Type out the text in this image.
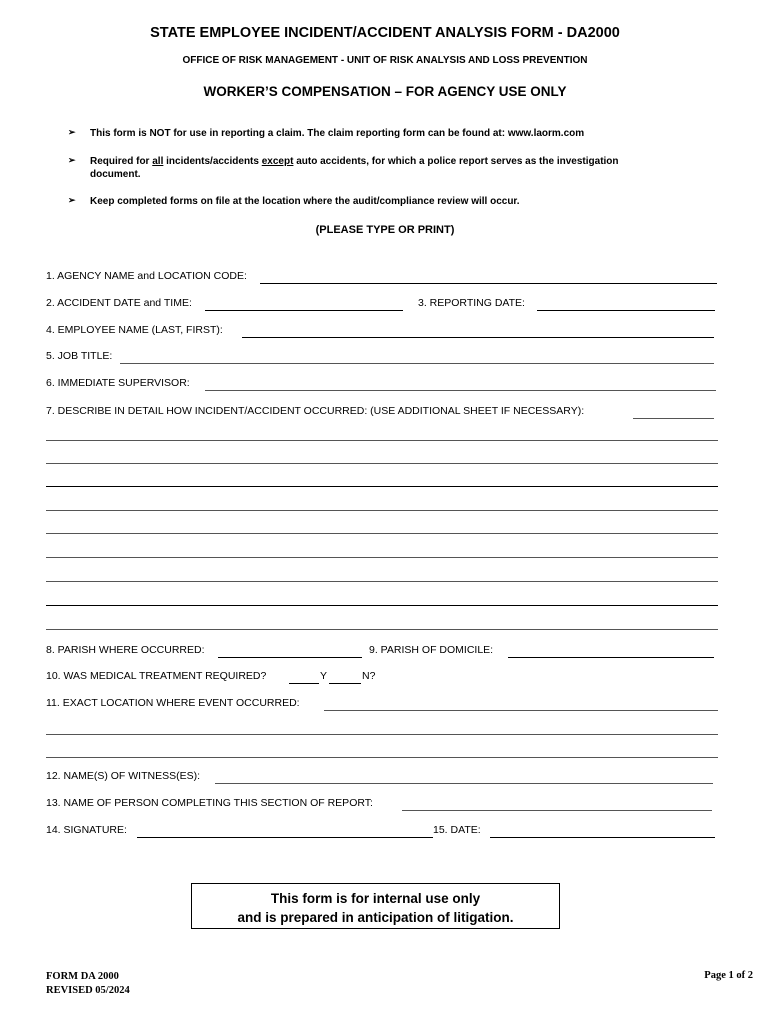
STATE EMPLOYEE INCIDENT/ACCIDENT ANALYSIS FORM - DA2000
OFFICE OF RISK MANAGEMENT - UNIT OF RISK ANALYSIS AND LOSS PREVENTION
WORKER’S COMPENSATION – FOR AGENCY USE ONLY
➢ This form is NOT for use in reporting a claim. The claim reporting form can be found at: www.laorm.com
➢ Required for all incidents/accidents except auto accidents, for which a police report serves as the investigation
document.
➢ Keep completed forms on file at the location where the audit/compliance review will occur.
(PLEASE TYPE OR PRINT)
1. AGENCY NAME and LOCATION CODE:
2. ACCIDENT DATE and TIME:	3. REPORTING DATE:
4. EMPLOYEE NAME (LAST, FIRST):
5. JOB TITLE:
6. IMMEDIATE SUPERVISOR:
7. DESCRIBE IN DETAIL HOW INCIDENT/ACCIDENT OCCURRED: (USE ADDITIONAL SHEET IF NECESSARY):
8. PARISH WHERE OCCURRED:	9. PARISH OF DOMICILE:
10. WAS MEDICAL TREATMENT REQUIRED?	Y	N?
11. EXACT LOCATION WHERE EVENT OCCURRED:
12. NAME(S) OF WITNESS(ES):
13. NAME OF PERSON COMPLETING THIS SECTION OF REPORT:
14. SIGNATURE:	15. DATE:
This form is for internal use only
and is prepared in anticipation of litigation.
FORM DA 2000
REVISED 05/2024
Page 1 of 2
